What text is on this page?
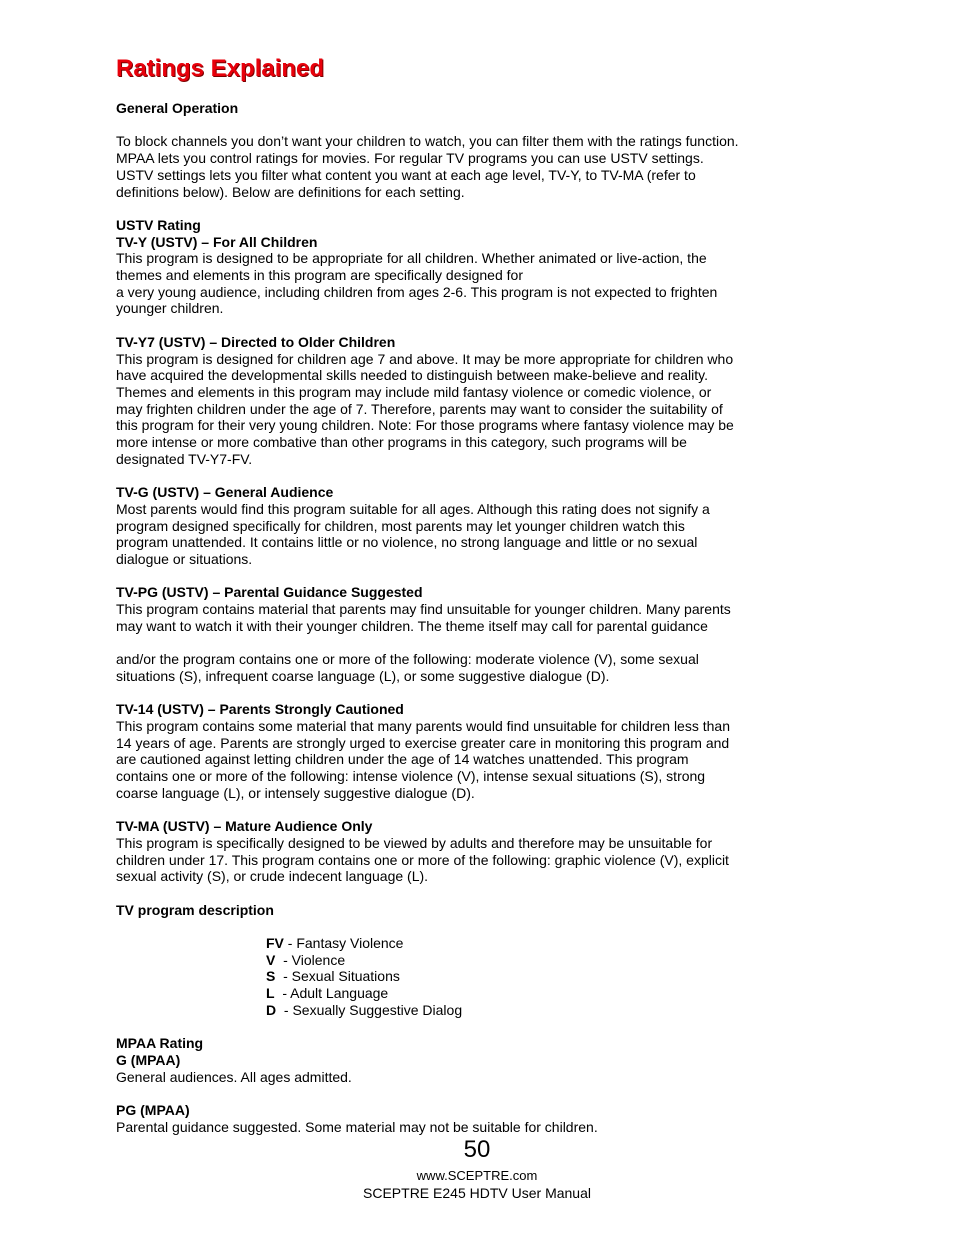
Ratings Explained
General Operation
To block channels you don’t want your children to watch, you can filter them with the ratings function.
MPAA lets you control ratings for movies. For regular TV programs you can use USTV settings.
USTV settings lets you filter what content you want at each age level, TV-Y, to TV-MA (refer to
definitions below). Below are definitions for each setting.
USTV Rating
TV-Y (USTV) – For All Children
This program is designed to be appropriate for all children. Whether animated or live-action, the
themes and elements in this program are specifically designed for
a very young audience, including children from ages 2-6. This program is not expected to frighten
younger children.
TV-Y7 (USTV) – Directed to Older Children
This program is designed for children age 7 and above. It may be more appropriate for children who
have acquired the developmental skills needed to distinguish between make-believe and reality.
Themes and elements in this program may include mild fantasy violence or comedic violence, or
may frighten children under the age of 7. Therefore, parents may want to consider the suitability of
this program for their very young children. Note: For those programs where fantasy violence may be
more intense or more combative than other programs in this category, such programs will be
designated TV-Y7-FV.
TV-G (USTV) – General Audience
Most parents would find this program suitable for all ages. Although this rating does not signify a
program designed specifically for children, most parents may let younger children watch this
program unattended. It contains little or no violence, no strong language and little or no sexual
dialogue or situations.
TV-PG (USTV) – Parental Guidance Suggested
This program contains material that parents may find unsuitable for younger children. Many parents
may want to watch it with their younger children. The theme itself may call for parental guidance
and/or the program contains one or more of the following: moderate violence (V), some sexual
situations (S), infrequent coarse language (L), or some suggestive dialogue (D).
TV-14 (USTV) – Parents Strongly Cautioned
This program contains some material that many parents would find unsuitable for children less than
14 years of age. Parents are strongly urged to exercise greater care in monitoring this program and
are cautioned against letting children under the age of 14 watches unattended. This program
contains one or more of the following: intense violence (V), intense sexual situations (S), strong
coarse language (L), or intensely suggestive dialogue (D).
TV-MA (USTV) – Mature Audience Only
This program is specifically designed to be viewed by adults and therefore may be unsuitable for
children under 17. This program contains one or more of the following: graphic violence (V), explicit
sexual activity (S), or crude indecent language (L).
TV program description
FV - Fantasy Violence
V  - Violence
S  - Sexual Situations
L  - Adult Language
D  - Sexually Suggestive Dialog
MPAA Rating
G (MPAA)
General audiences. All ages admitted.
PG (MPAA)
Parental guidance suggested. Some material may not be suitable for children.
50
www.SCEPTRE.com
SCEPTRE E245 HDTV User Manual
